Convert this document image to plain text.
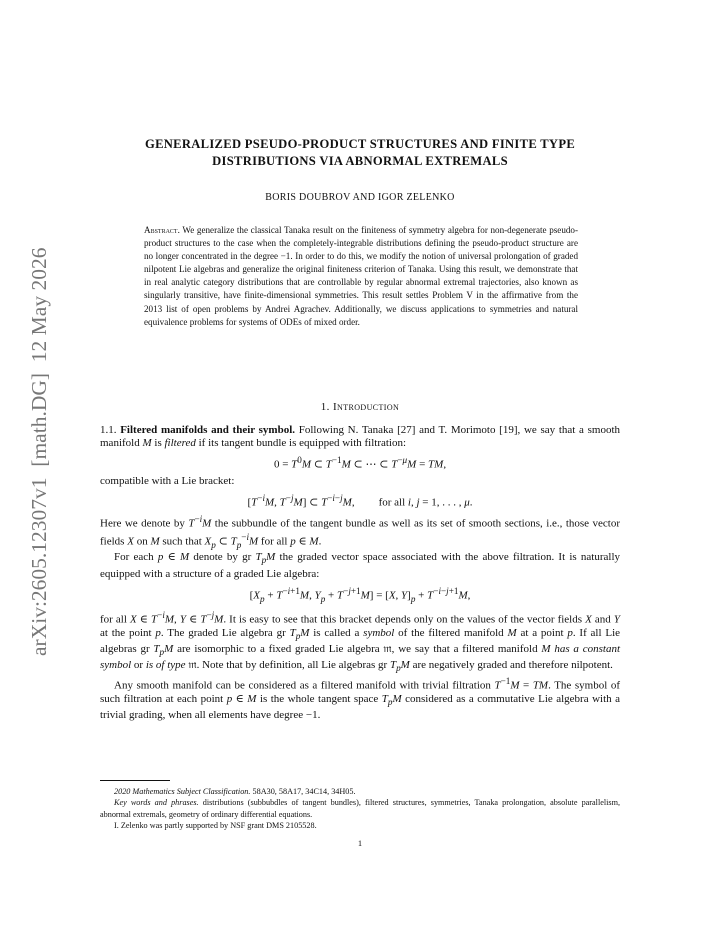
arXiv:2605.12307v1  [math.DG]  12 May 2026
GENERALIZED PSEUDO-PRODUCT STRUCTURES AND FINITE TYPE DISTRIBUTIONS VIA ABNORMAL EXTREMALS
BORIS DOUBROV AND IGOR ZELENKO
Abstract. We generalize the classical Tanaka result on the finiteness of symmetry algebra for non-degenerate pseudo-product structures to the case when the completely-integrable distributions defining the pseudo-product structure are no longer concentrated in the degree −1. In order to do this, we modify the notion of universal prolongation of graded nilpotent Lie algebras and generalize the original finiteness criterion of Tanaka. Using this result, we demonstrate that in real analytic category distributions that are controllable by regular abnormal extremal trajectories, also known as singularly transitive, have finite-dimensional symmetries. This result settles Problem V in the affirmative from the 2013 list of open problems by Andrei Agrachev. Additionally, we discuss applications to symmetries and natural equivalence problems for systems of ODEs of mixed order.
1. Introduction

1.1. Filtered manifolds and their symbol. Following N. Tanaka [27] and T. Morimoto [19], we say that a smooth manifold M is filtered if its tangent bundle is equipped with filtration:

$0 = T^0M$ ⊂ $T^{-1}M$ ⊂ ⋯ ⊂ $T^{-\mu}M$ = TM,

compatible with a Lie bracket:

[$T^{-i}M$, $T^{-j}M$] ⊂ $T^{-i-j}M$, for all i, j = 1, . . . , μ.

Here we denote by $T^{-i}M$ the subbundle of the tangent bundle as well as its set of smooth sections, i.e., those vector fields X on M such that $X_p$ ⊂ $T_p^{-i}M$ for all p ∈ M.

For each p ∈ M denote by gr $T_pM$ the graded vector space associated with the above filtration. It is naturally equipped with a structure of a graded Lie algebra:

[$X_p + T^{-i+1}M$, $Y_p + T^{-j+1}M] = [X$, $Y]_p + T^{-i-j+1}M$,

for all X ∈ $T^{-i}M$, Y ∈ $T^{-j}M$. It is easy to see that this bracket depends only on the values of the vector fields X and Y at the point p. The graded Lie algebra gr $T_pM$ is called a symbol of the filtered manifold M at a point p. If all Lie algebras gr $T_pM$ are isomorphic to a fixed graded Lie algebra 𝔪, we say that a filtered manifold M has a constant symbol or is of type 𝔪. Note that by definition, all Lie algebras gr $T_pM$ are negatively graded and therefore nilpotent.

Any smooth manifold can be considered as a filtered manifold with trivial filtration $T^{-1}M$ = TM. The symbol of such filtration at each point p ∈ M is the whole tangent space $T_pM$ considered as a commutative Lie algebra with a trivial grading, when all elements have degree −1.

2020 Mathematics Subject Classification. 58A30, 58A17, 34C14, 34H05.

Key words and phrases. distributions (subbubdles of tangent bundles), filtered structures, symmetries, Tanaka prolongation, absolute parallelism, abnormal extremals, geometry of ordinary differential equations.

I. Zelenko was partly supported by NSF grant DMS 2105528.

1
